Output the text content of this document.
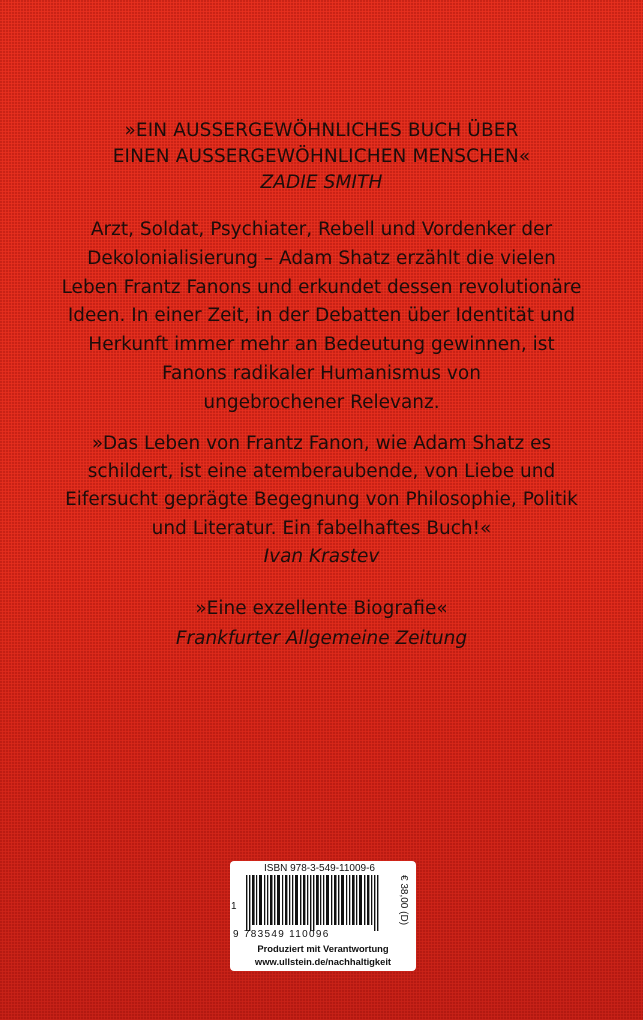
»EIN AUSSERGEWÖHNLICHES BUCH ÜBER
EINEN AUSSERGEWÖHNLICHEN MENSCHEN«
ZADIE SMITH
Arzt, Soldat, Psychiater, Rebell und Vordenker der
Dekolonialisierung – Adam Shatz erzählt die vielen
Leben Frantz Fanons und erkundet dessen revolutionäre
Ideen. In einer Zeit, in der Debatten über Identität und
Herkunft immer mehr an Bedeutung gewinnen, ist
Fanons radikaler Humanismus von
ungebrochener Relevanz.
»Das Leben von Frantz Fanon, wie Adam Shatz es
schildert, ist eine atemberaubende, von Liebe und
Eifersucht geprägte Begegnung von Philosophie, Politik
und Literatur. Ein fabelhaftes Buch!«
Ivan Krastev
»Eine exzellente Biografie«
Frankfurter Allgemeine Zeitung
ISBN 978-3-549-11009-6
1
9 783549 110096
€ 38,00 (D)
Produziert mit Verantwortung
www.ullstein.de/nachhaltigkeit
